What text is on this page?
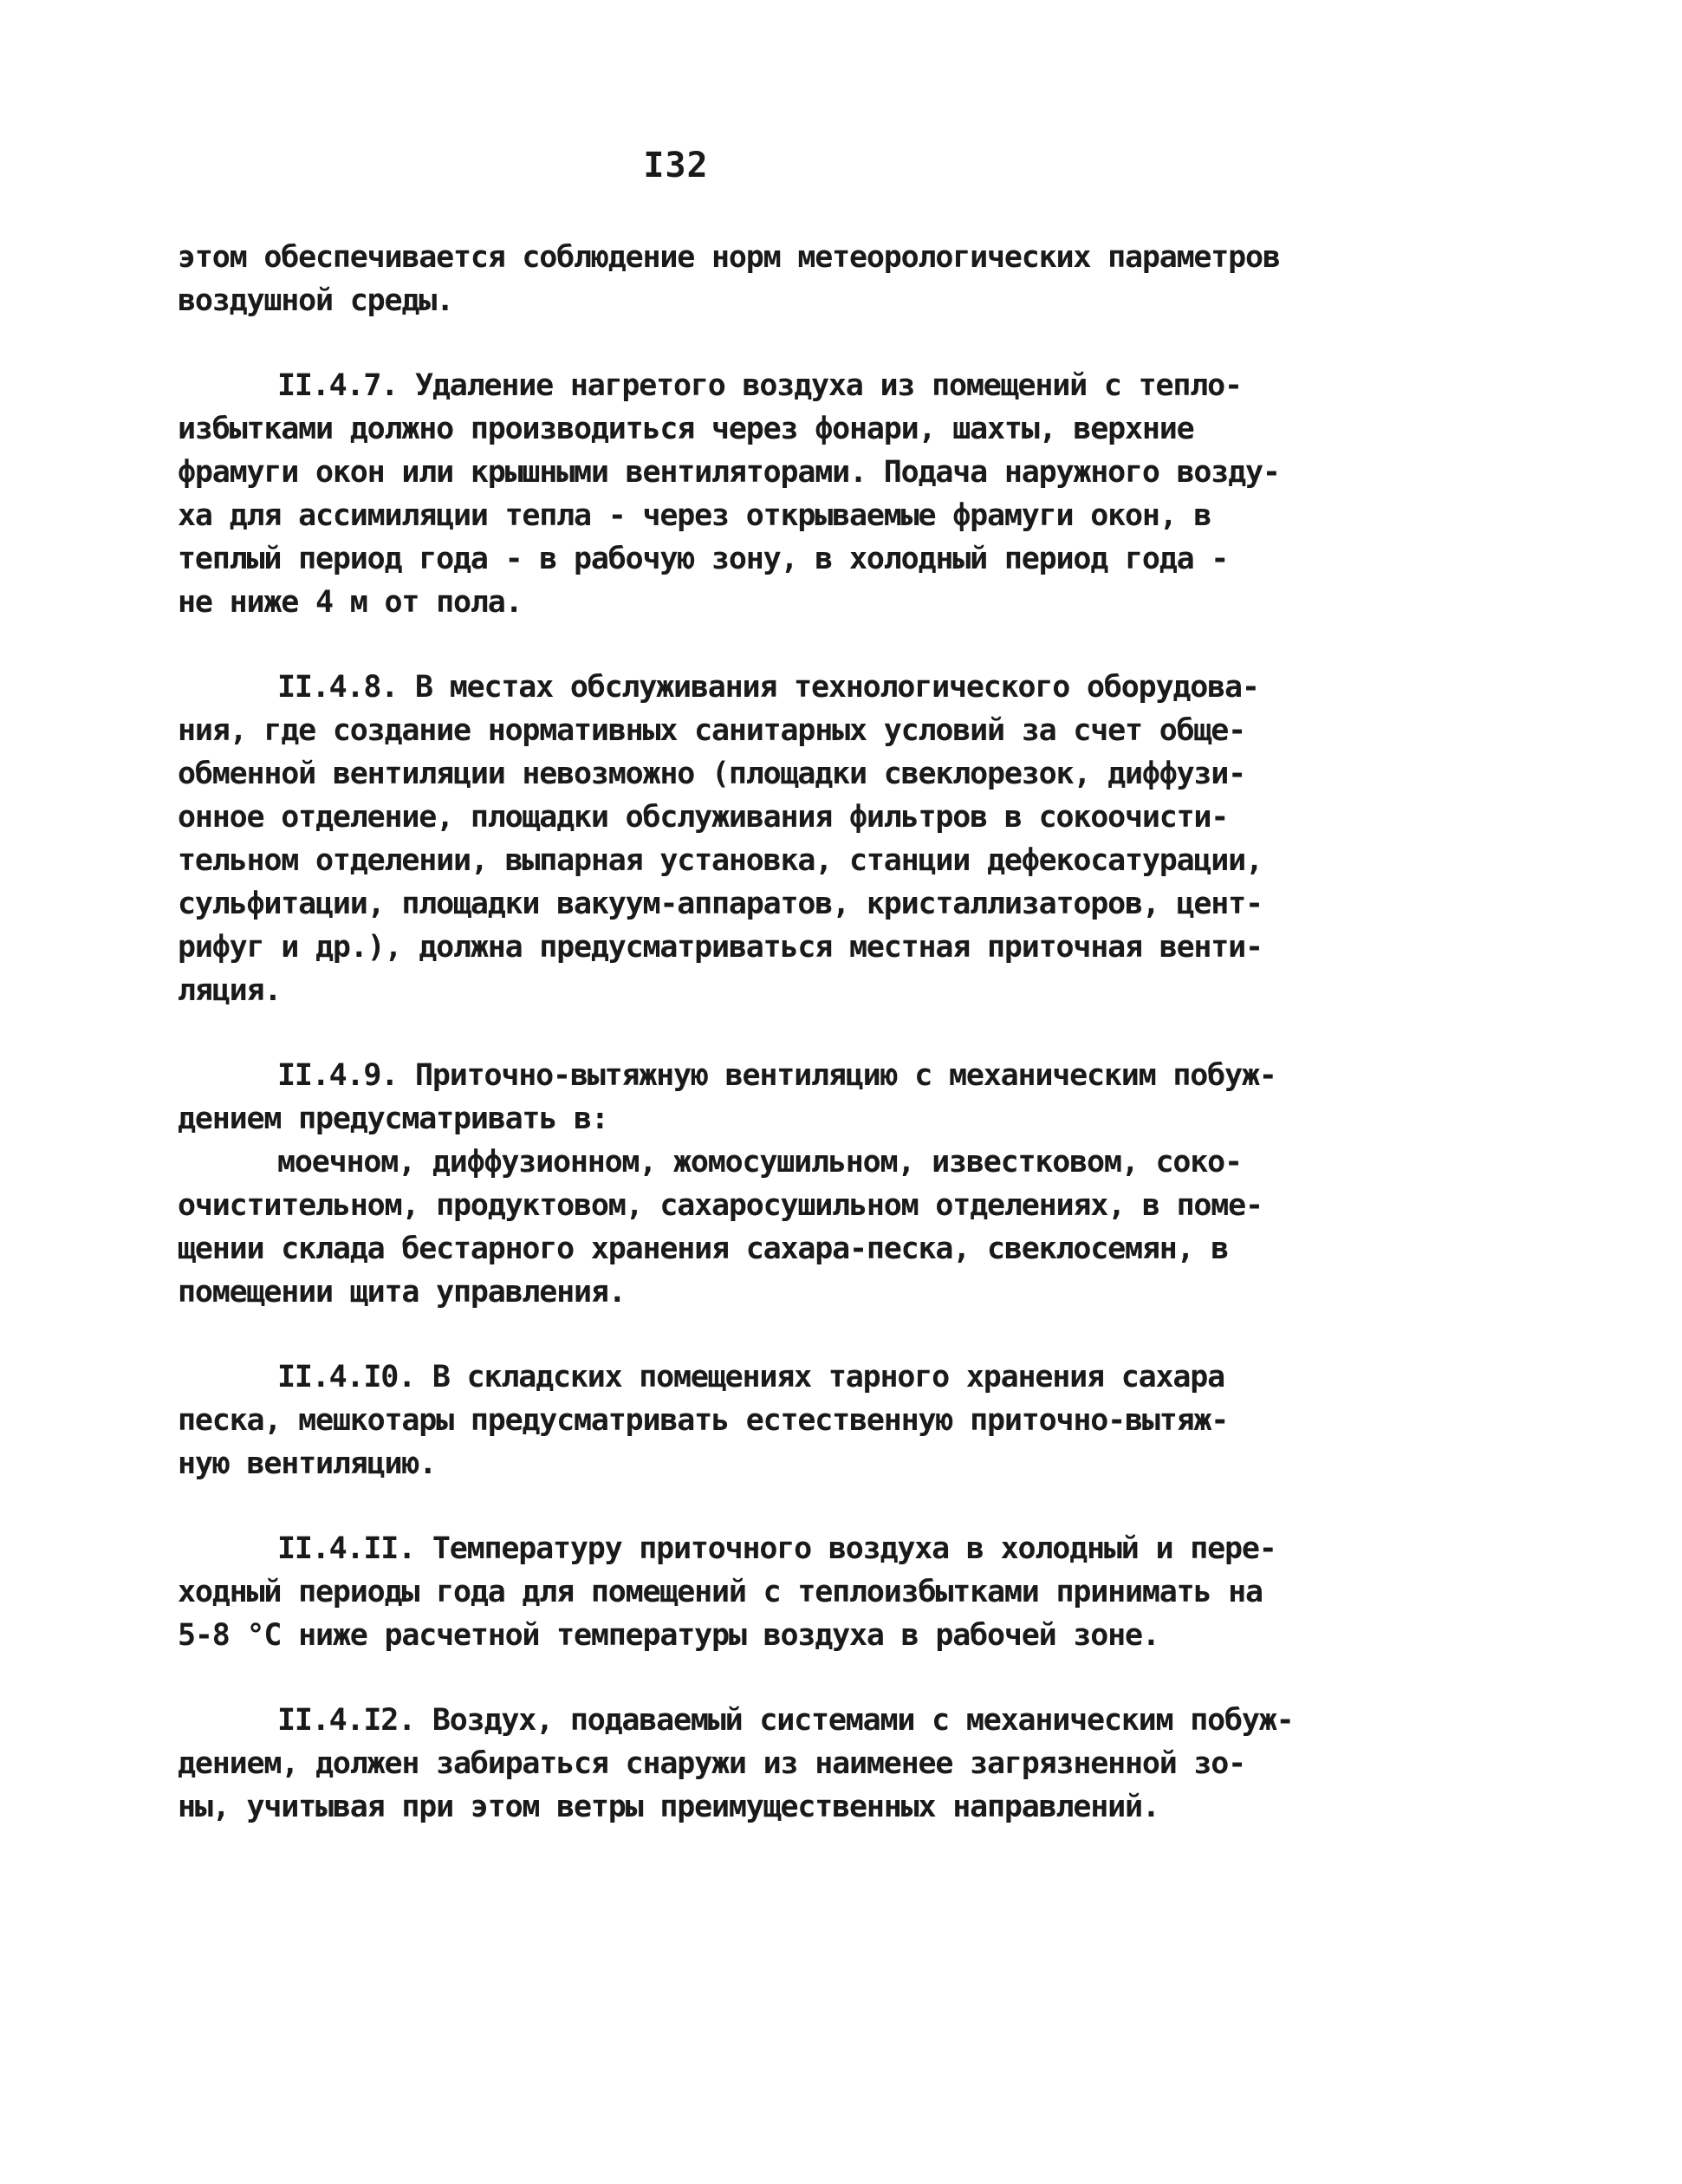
I32
этом обеспечивается соблюдение норм метеорологических параметров
воздушной среды.
II.4.7. Удаление нагретого воздуха из помещений с тепло-
избытками должно производиться через фонари, шахты, верхние
фрамуги окон или крышными вентиляторами. Подача наружного возду-
ха для ассимиляции тепла - через открываемые фрамуги окон, в
теплый период года - в рабочую зону, в холодный период года -
не ниже 4 м от пола.
II.4.8. В местах обслуживания технологического оборудова-
ния, где создание нормативных санитарных условий за счет обще-
обменной вентиляции невозможно (площадки свеклорезок, диффузи-
онное отделение, площадки обслуживания фильтров в сокоочисти-
тельном отделении, выпарная установка, станции дефекосатурации,
сульфитации, площадки вакуум-аппаратов, кристаллизаторов, цент-
рифуг и др.), должна предусматриваться местная приточная венти-
ляция.
II.4.9. Приточно-вытяжную вентиляцию с механическим побуж-
дением предусматривать в:
моечном, диффузионном, жомосушильном, известковом, соко-
очистительном, продуктовом, сахаросушильном отделениях, в поме-
щении склада бестарного хранения сахара-песка, свеклосемян, в
помещении щита управления.
II.4.I0. В складских помещениях тарного хранения сахара
песка, мешкотары предусматривать естественную приточно-вытяж-
ную вентиляцию.
II.4.II. Температуру приточного воздуха в холодный и пере-
ходный периоды года для помещений с теплоизбытками принимать на
5-8 °С ниже расчетной температуры воздуха в рабочей зоне.
II.4.I2. Воздух, подаваемый системами с механическим побуж-
дением, должен забираться снаружи из наименее загрязненной зо-
ны, учитывая при этом ветры преимущественных направлений.
